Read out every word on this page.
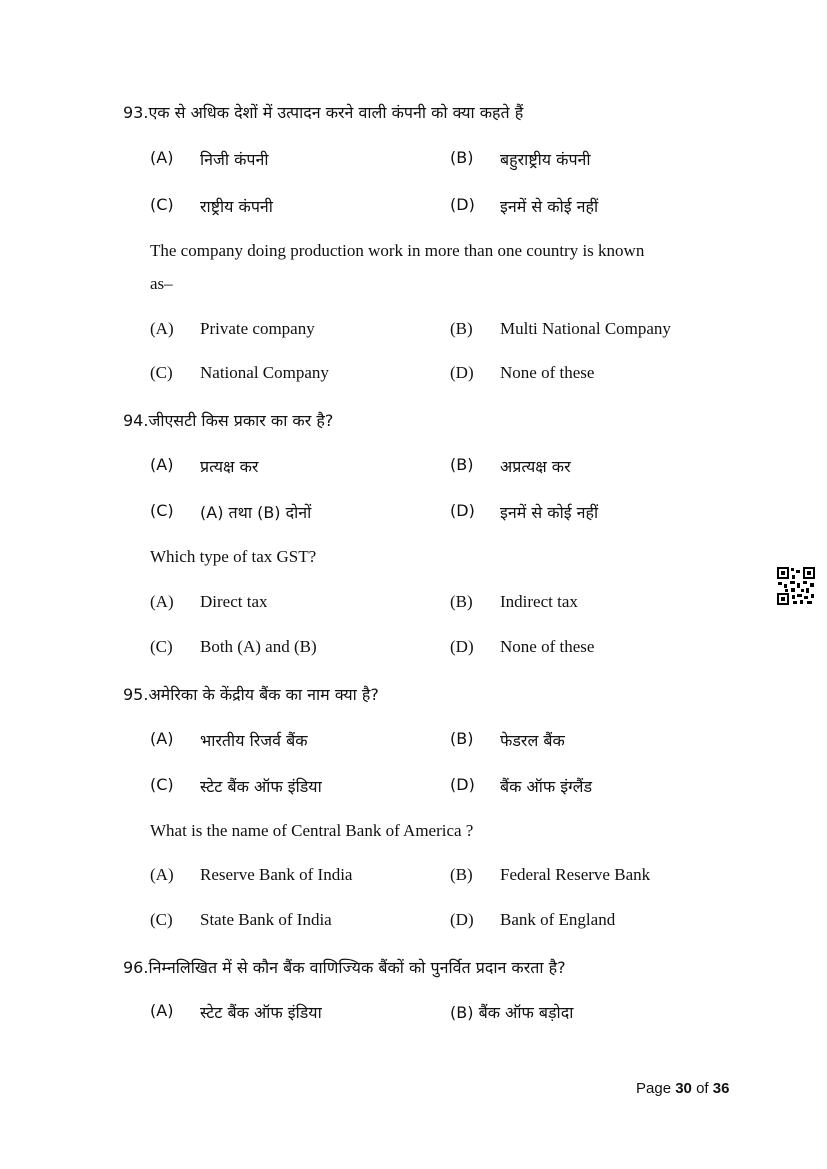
93.एक से अधिक देशों में उत्पादन करने वाली कंपनी को क्या कहते हैं
(A)	निजी कंपनी	(B)	बहुराष्ट्रीय कंपनी
(C)	राष्ट्रीय कंपनी	(D)	इनमें से कोई नहीं
The company doing production work in more than one country is known
as–
(A)	Private company	(B)	Multi National Company
(C)	National Company	(D)	None of these
94.जीएसटी किस प्रकार का कर है?
(A)	प्रत्यक्ष कर	(B)	अप्रत्यक्ष कर
(C)	(A) तथा (B) दोनों	(D)	इनमें से कोई नहीं
Which type of tax GST?
(A)	Direct tax	(B)	Indirect tax
(C)	Both (A) and (B)	(D)	None of these
95.अमेरिका के केंद्रीय बैंक का नाम क्या है?
(A)	भारतीय रिजर्व बैंक	(B)	फेडरल बैंक
(C)	स्टेट बैंक ऑफ इंडिया	(D)	बैंक ऑफ इंग्लैंड
What is the name of Central Bank of America ?
(A)	Reserve Bank of India	(B)	Federal Reserve Bank
(C)	State Bank of India	(D)	Bank of England
96.निम्नलिखित में से कौन बैंक वाणिज्यिक बैंकों को पुनर्वित प्रदान करता है?
(A)	स्टेट बैंक ऑफ इंडिया	(B) बैंक ऑफ बड़ोदा
Page 30 of 36
